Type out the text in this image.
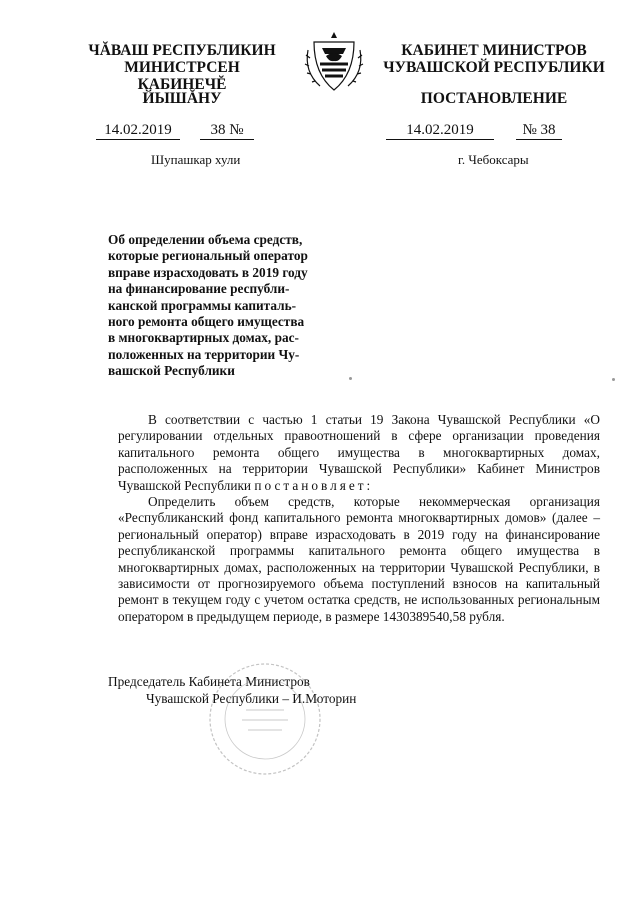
ЧĂВАШ РЕСПУБЛИКИН
МИНИСТРСЕН КАБИНЕЧĔ
ЙЫШĂНУ
КАБИНЕТ МИНИСТРОВ
ЧУВАШСКОЙ РЕСПУБЛИКИ
ПОСТАНОВЛЕНИЕ
14.02.2019	38 №	14.02.2019	№ 38
Шупашкар хули	г. Чебоксары
Об определении объема средств,
которые региональный оператор
вправе израсходовать в 2019 году
на финансирование республи-
канской программы капиталь-
ного ремонта общего имущества
в многоквартирных домах, рас-
положенных на территории Чу-
вашской Республики
В соответствии с частью 1 статьи 19 Закона Чувашской Республики «О регулировании отдельных правоотношений в сфере организации проведения капитального ремонта общего имущества в многоквартирных домах, расположенных на территории Чувашской Республики» Кабинет Министров Чувашской Республики постановляет:
Определить объем средств, которые некоммерческая организация «Республиканский фонд капитального ремонта многоквартирных домов» (далее – региональный оператор) вправе израсходовать в 2019 году на финансирование республиканской программы капитального ремонта общего имущества в многоквартирных домах, расположенных на территории Чувашской Республики, в зависимости от прогнозируемого объема поступлений взносов на капитальный ремонт в текущем году с учетом остатка средств, не использованных региональным оператором в предыдущем периоде, в размере 1430389540,58 рубля.
Председатель Кабинета Министров
Чувашской Республики – И.Моторин
